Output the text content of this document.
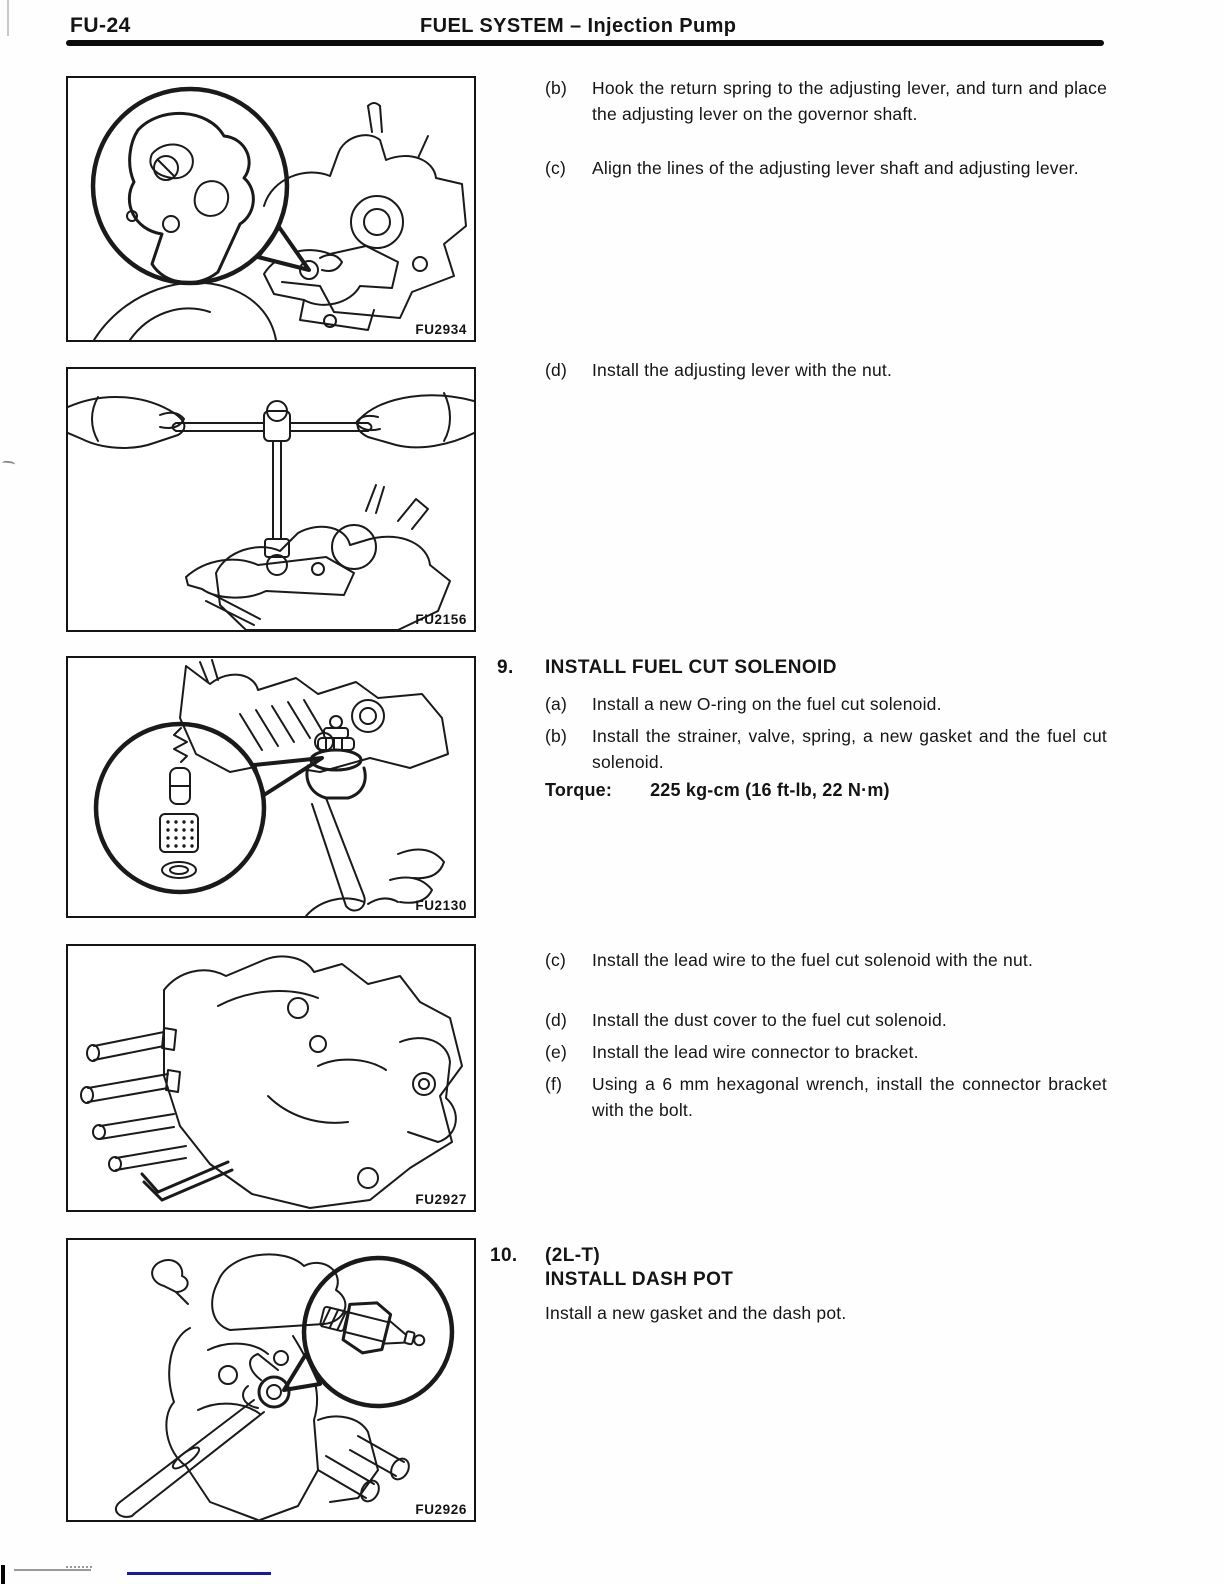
FU-24	FUEL SYSTEM – Injection Pump
FU2934
FU2156
FU2130
FU2927
FU2926
(b) Hook the return spring to the adjusting lever, and turn and place the adjusting lever on the governor shaft.
(c) Align the lines of the adjusting lever shaft and adjusting lever.
(d) Install the adjusting lever with the nut.
9. INSTALL FUEL CUT SOLENOID
(a) Install a new O-ring on the fuel cut solenoid.
(b) Install the strainer, valve, spring, a new gasket and the fuel cut solenoid.
Torque: 225 kg-cm (16 ft-lb, 22 N·m)
(c) Install the lead wire to the fuel cut solenoid with the nut.
(d) Install the dust cover to the fuel cut solenoid.
(e) Install the lead wire connector to bracket.
(f) Using a 6 mm hexagonal wrench, install the connector bracket with the bolt.
10. (2L-T)
INSTALL DASH POT
Install a new gasket and the dash pot.
